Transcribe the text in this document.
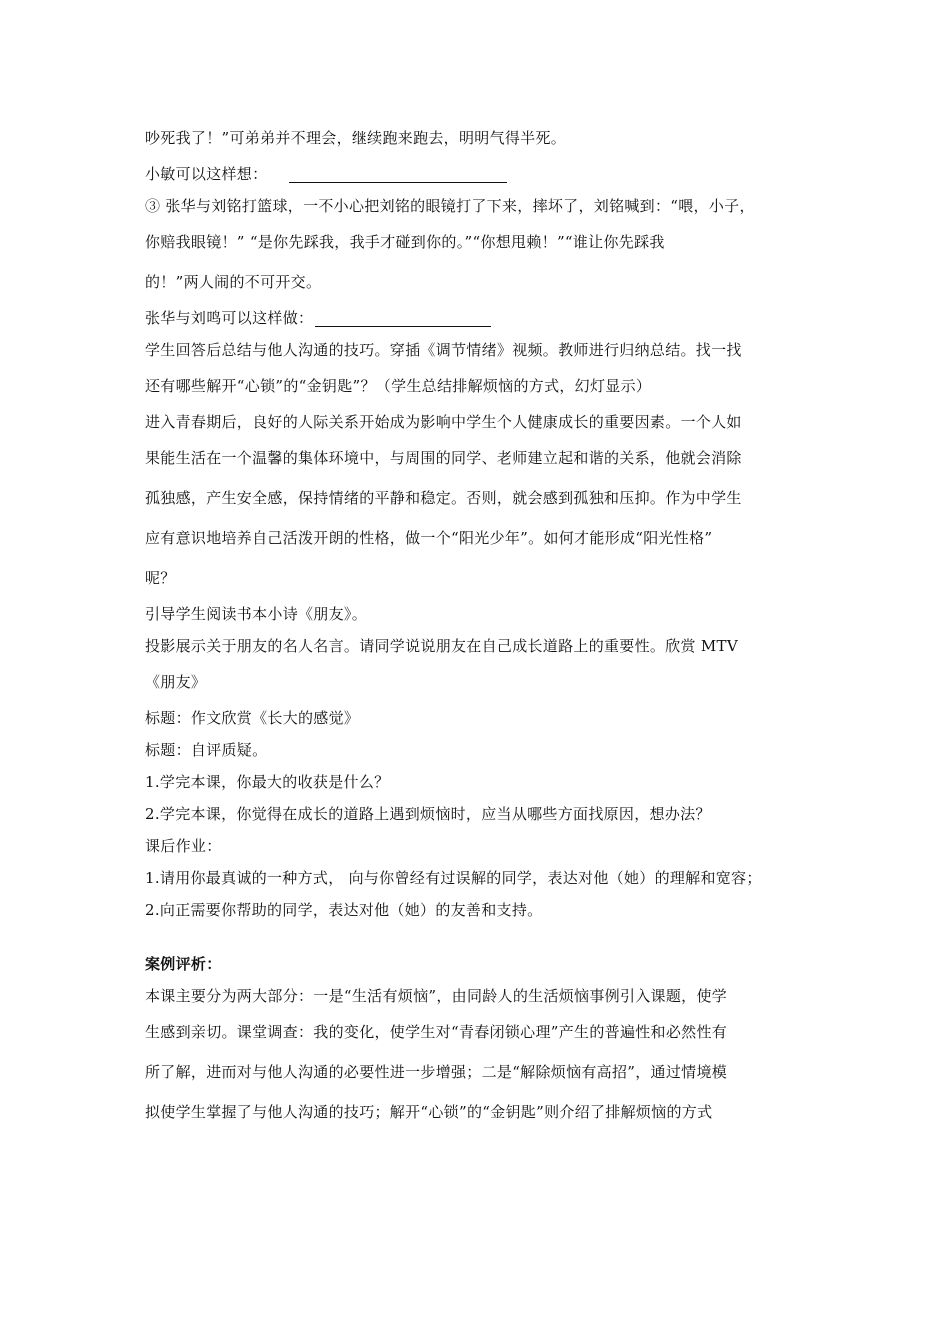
吵死我了！”可弟弟并不理会，继续跑来跑去，明明气得半死。
小敏可以这样想：
③ 张华与刘铭打篮球，一不小心把刘铭的眼镜打了下来，摔坏了，刘铭喊到：“喂，小子，
你赔我眼镜！” “是你先踩我，我手才碰到你的。”“你想甩赖！”“谁让你先踩我
的！”两人闹的不可开交。
张华与刘鸣可以这样做：
学生回答后总结与他人沟通的技巧。穿插《调节情绪》视频。教师进行归纳总结。找一找
还有哪些解开“心锁”的“金钥匙”？（学生总结排解烦恼的方式，幻灯显示）
进入青春期后，良好的人际关系开始成为影响中学生个人健康成长的重要因素。一个人如
果能生活在一个温馨的集体环境中，与周围的同学、老师建立起和谐的关系，他就会消除
孤独感，产生安全感，保持情绪的平静和稳定。否则，就会感到孤独和压抑。作为中学生
应有意识地培养自己活泼开朗的性格，做一个“阳光少年”。如何才能形成“阳光性格”
呢？
引导学生阅读书本小诗《朋友》。
投影展示关于朋友的名人名言。请同学说说朋友在自己成长道路上的重要性。欣赏 MTV
《朋友》
标题：作文欣赏《长大的感觉》
标题：自评质疑。
1.学完本课，你最大的收获是什么？
2.学完本课，你觉得在成长的道路上遇到烦恼时，应当从哪些方面找原因，想办法？
课后作业：
1.请用你最真诚的一种方式， 向与你曾经有过误解的同学，表达对他（她）的理解和宽容；
2.向正需要你帮助的同学，表达对他（她）的友善和支持。
案例评析：
本课主要分为两大部分：一是“生活有烦恼”，由同龄人的生活烦恼事例引入课题，使学
生感到亲切。课堂调查：我的变化，使学生对“青春闭锁心理”产生的普遍性和必然性有
所了解，进而对与他人沟通的必要性进一步增强；二是“解除烦恼有高招”，通过情境模
拟使学生掌握了与他人沟通的技巧；解开“心锁”的“金钥匙”则介绍了排解烦恼的方式
